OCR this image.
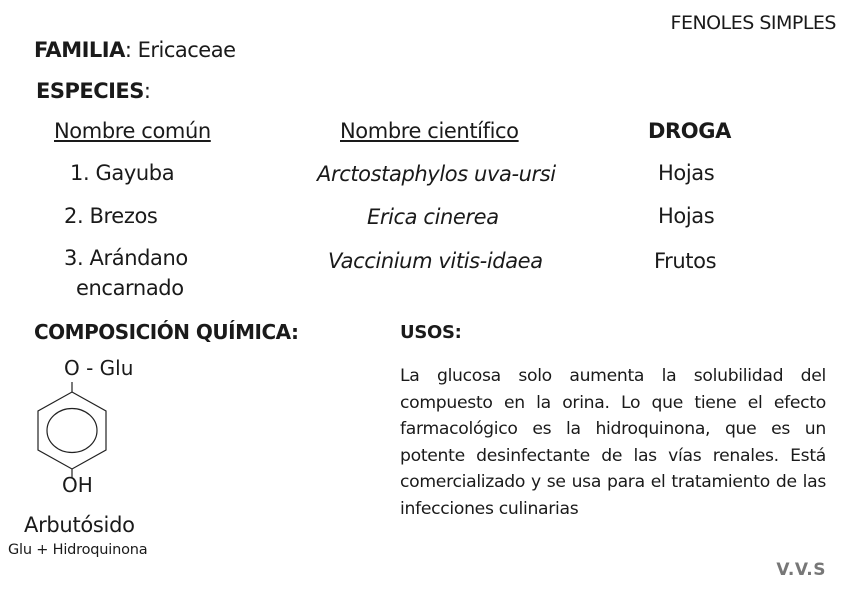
FENOLES SIMPLES
FAMILIA: Ericaceae
ESPECIES:
Nombre común	Nombre científico	DROGA
1. Gayuba	Arctostaphylos uva-ursi	Hojas
2. Brezos	Erica cinerea	Hojas
3. Arándano
encarnado
Vaccinium vitis-idaea	Frutos
COMPOSICIÓN QUÍMICA:
O - Glu
OH
Arbutósido
Glu + Hidroquinona
USOS:
La glucosa solo aumenta la solubilidad del compuesto en la orina. Lo que tiene el efecto farmacológico es la hidroquinona, que es un potente desinfectante de las vías renales. Está comercializado y se usa para el tratamiento de las infecciones culinarias
V.V.S
